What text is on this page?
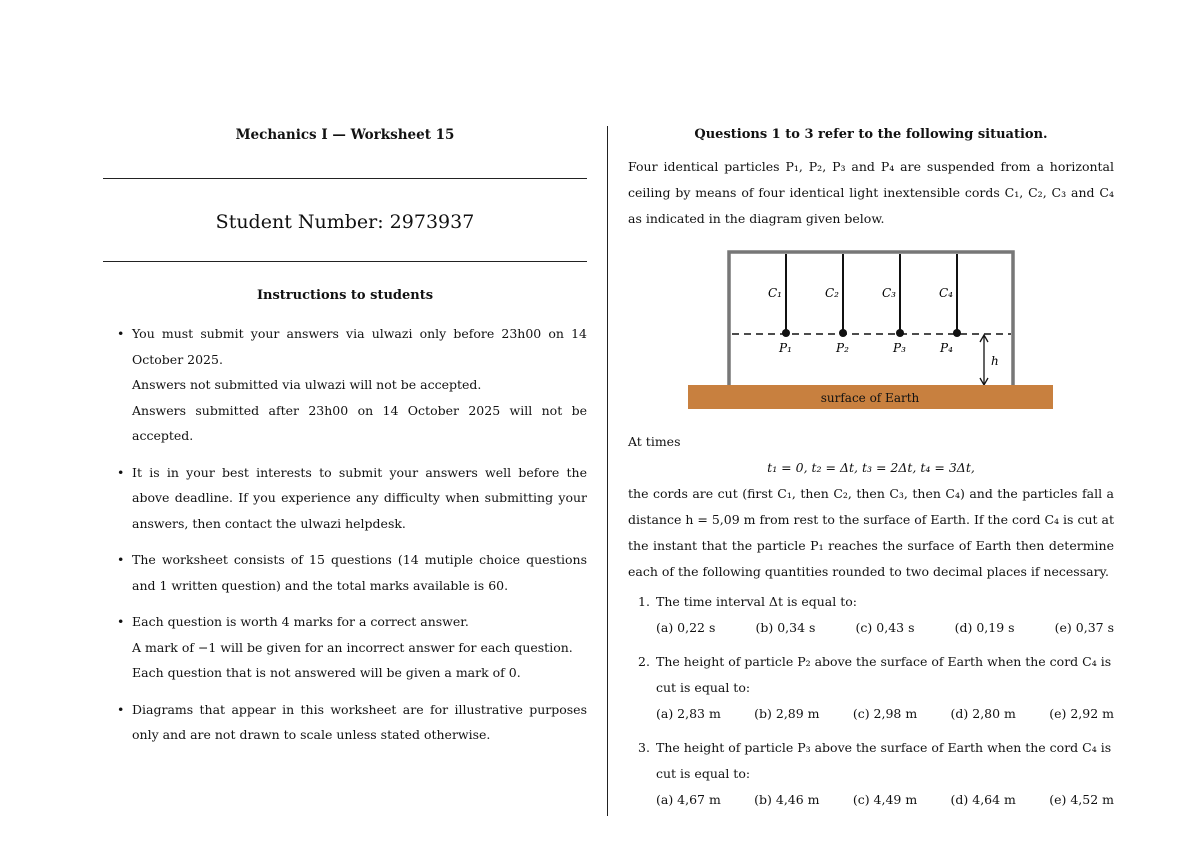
Mechanics I — Worksheet 15
Student Number: 2973937
Instructions to students
• You must submit your answers via ulwazi only before 23h00 on 14 October 2025.
Answers not submitted via ulwazi will not be accepted.
Answers submitted after 23h00 on 14 October 2025 will not be accepted.
• It is in your best interests to submit your answers well before the above deadline. If you experience any difficulty when submitting your answers, then contact the ulwazi helpdesk.
• The worksheet consists of 15 questions (14 mutiple choice questions and 1 written question) and the total marks available is 60.
• Each question is worth 4 marks for a correct answer.
A mark of −1 will be given for an incorrect answer for each question.
Each question that is not answered will be given a mark of 0.
• Diagrams that appear in this worksheet are for illustrative purposes only and are not drawn to scale unless stated otherwise.
Questions 1 to 3 refer to the following situation.
Four identical particles P₁, P₂, P₃ and P₄ are suspended from a horizontal ceiling by means of four identical light inextensible cords C₁, C₂, C₃ and C₄ as indicated in the diagram given below.
C₁	C₂	C₃	C₄
P₁	P₂	P₃	P₄
h
surface of Earth
At times
t₁ = 0, t₂ = Δt, t₃ = 2Δt, t₄ = 3Δt,
the cords are cut (first C₁, then C₂, then C₃, then C₄) and the particles fall a distance h = 5,09 m from rest to the surface of Earth. If the cord C₄ is cut at the instant that the particle P₁ reaches the surface of Earth then determine each of the following quantities rounded to two decimal places if necessary.
1. The time interval Δt is equal to:
(a) 0,22 s	(b) 0,34 s	(c) 0,43 s	(d) 0,19 s	(e) 0,37 s
2. The height of particle P₂ above the surface of Earth when the cord C₄ is cut is equal to:
(a) 2,83 m	(b) 2,89 m	(c) 2,98 m	(d) 2,80 m	(e) 2,92 m
3. The height of particle P₃ above the surface of Earth when the cord C₄ is cut is equal to:
(a) 4,67 m	(b) 4,46 m	(c) 4,49 m	(d) 4,64 m	(e) 4,52 m
